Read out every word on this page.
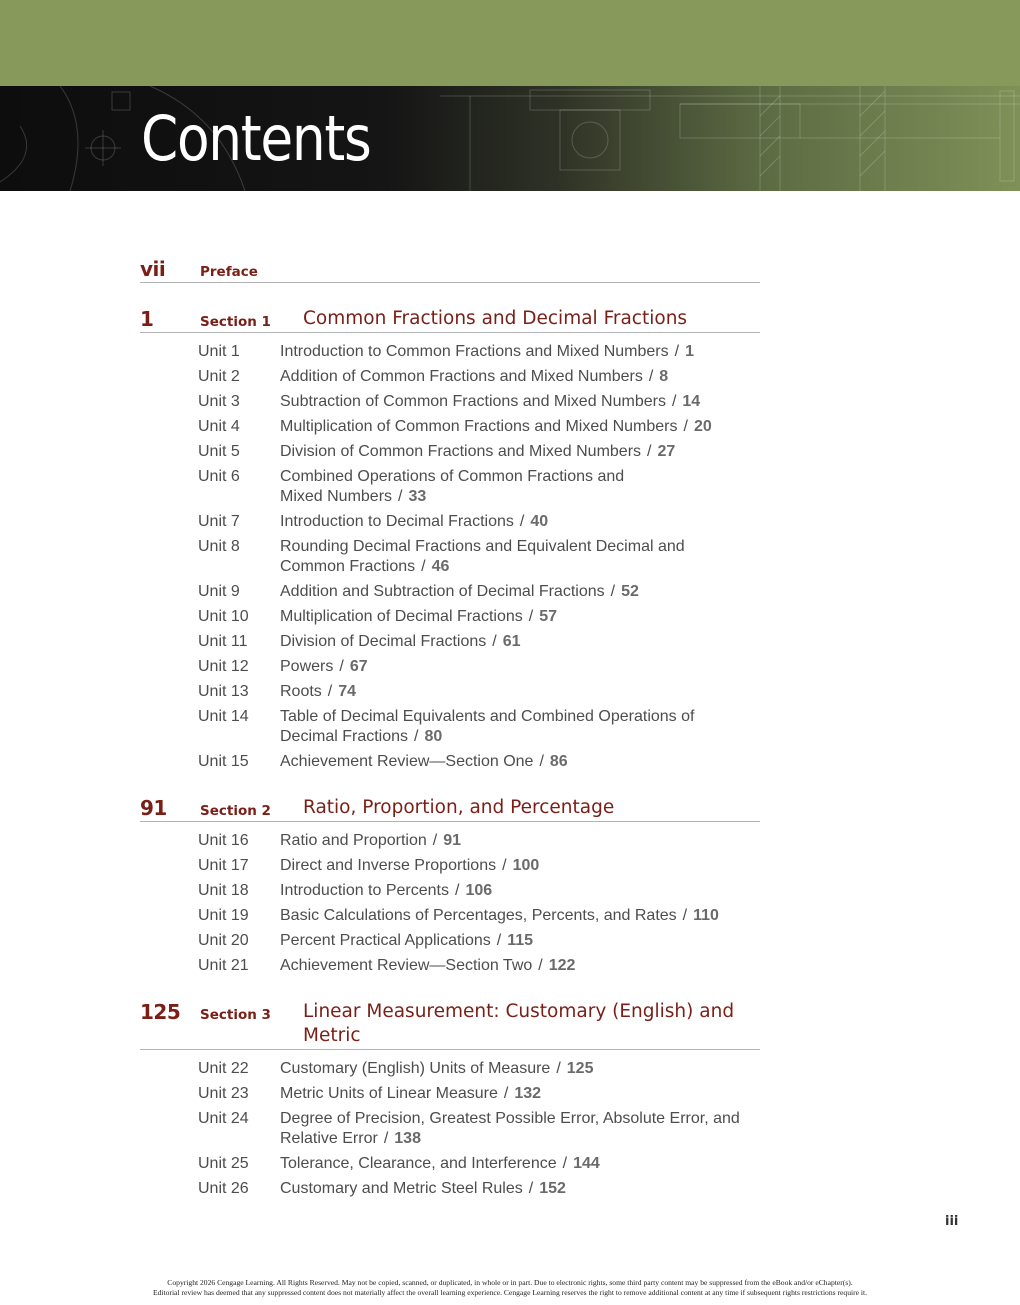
Contents
vii	Preface
1	Section 1 Common Fractions and Decimal Fractions
Unit 1	Introduction to Common Fractions and Mixed Numbers / 1
Unit 2	Addition of Common Fractions and Mixed Numbers / 8
Unit 3	Subtraction of Common Fractions and Mixed Numbers / 14
Unit 4	Multiplication of Common Fractions and Mixed Numbers / 20
Unit 5	Division of Common Fractions and Mixed Numbers / 27
Unit 6	Combined Operations of Common Fractions and Mixed Numbers / 33
Unit 7	Introduction to Decimal Fractions / 40
Unit 8	Rounding Decimal Fractions and Equivalent Decimal and Common Fractions / 46
Unit 9	Addition and Subtraction of Decimal Fractions / 52
Unit 10 Multiplication of Decimal Fractions / 57
Unit 11 Division of Decimal Fractions / 61
Unit 12 Powers / 67
Unit 13 Roots / 74
Unit 14 Table of Decimal Equivalents and Combined Operations of Decimal Fractions / 80
Unit 15 Achievement Review—Section One / 86
91 Section 2 Ratio, Proportion, and Percentage
Unit 16 Ratio and Proportion / 91
Unit 17 Direct and Inverse Proportions / 100
Unit 18 Introduction to Percents / 106
Unit 19 Basic Calculations of Percentages, Percents, and Rates / 110
Unit 20 Percent Practical Applications / 115
Unit 21 Achievement Review—Section Two / 122
125 Section 3 Linear Measurement: Customary (English) and Metric
Unit 22 Customary (English) Units of Measure / 125
Unit 23 Metric Units of Linear Measure / 132
Unit 24 Degree of Precision, Greatest Possible Error, Absolute Error, and Relative Error / 138
Unit 25 Tolerance, Clearance, and Interference / 144
Unit 26 Customary and Metric Steel Rules / 152
iii
Copyright 2026 Cengage Learning. All Rights Reserved. May not be copied, scanned, or duplicated, in whole or in part. Due to electronic rights, some third party content may be suppressed from the eBook and/or eChapter(s).
Editorial review has deemed that any suppressed content does not materially affect the overall learning experience. Cengage Learning reserves the right to remove additional content at any time if subsequent rights restrictions require it.
